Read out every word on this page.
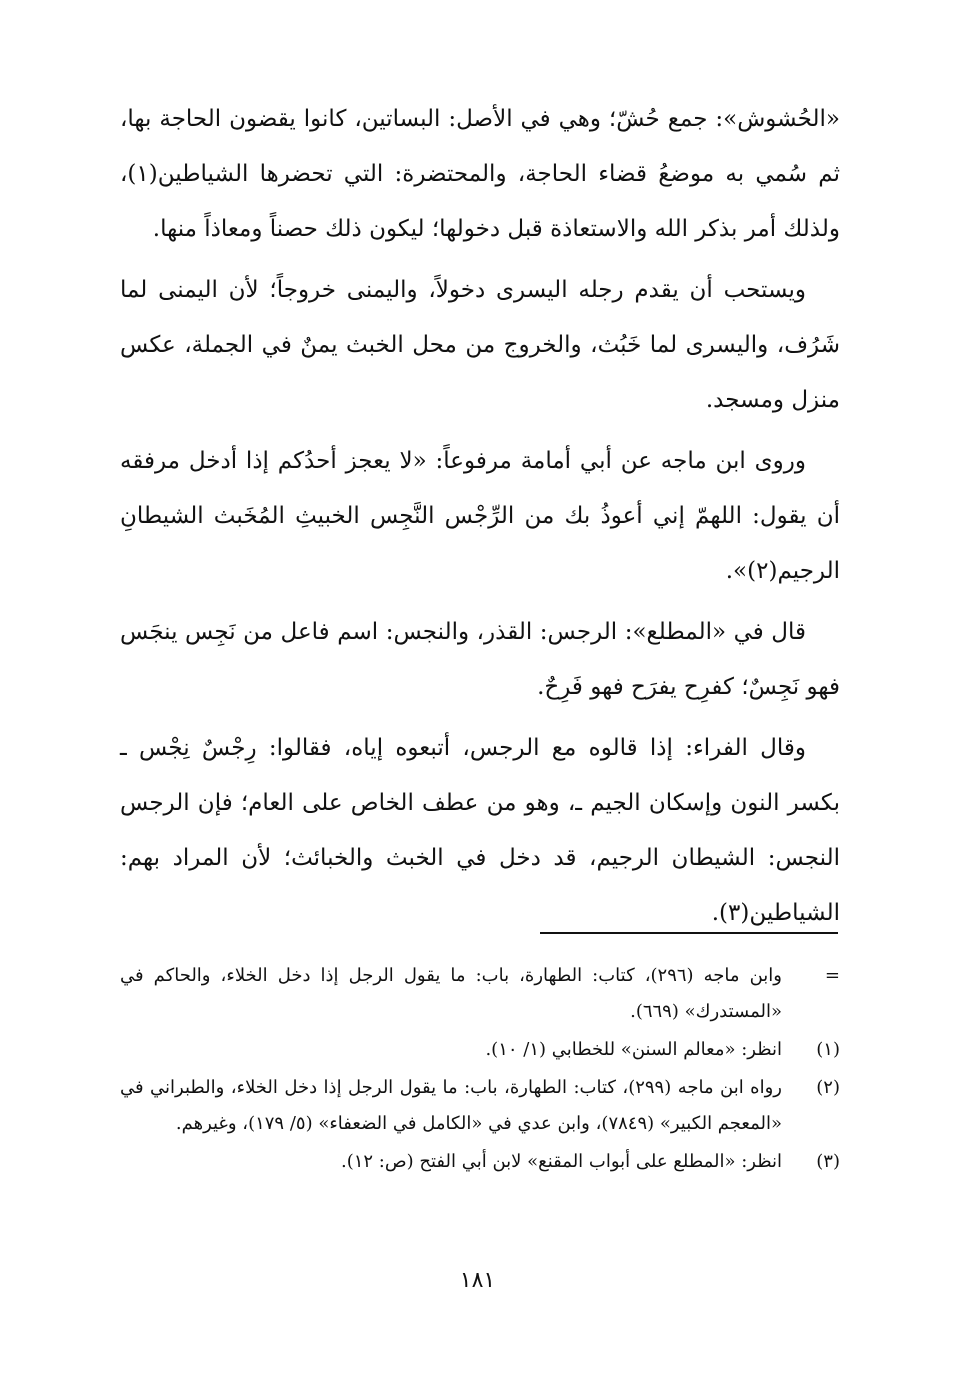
«الحُشوش»: جمع حُشّ؛ وهي في الأصل: البساتين، كانوا يقضون الحاجة بها، ثم سُمي به موضعُ قضاء الحاجة، والمحتضرة: التي تحضرها الشياطين(١)، ولذلك أمر بذكر الله والاستعاذة قبل دخولها؛ ليكون ذلك حصناً ومعاذاً منها.

ويستحب أن يقدم رجله اليسرى دخولاً، واليمنى خروجاً؛ لأن اليمنى لما شَرُف، واليسرى لما خَبُث، والخروج من محل الخبث يمنٌ في الجملة، عكس منزل ومسجد.

وروى ابن ماجه عن أبي أمامة مرفوعاً: «لا يعجز أحدُكم إذا أدخل مرفقه أن يقول: اللهمّ إني أعوذُ بك من الرِّجْس النَّجِس الخبيثِ المُخَبث الشيطانِ الرجيم(٢)».

قال في «المطلع»: الرجس: القذر، والنجس: اسم فاعل من نَجِس ينجَس فهو نَجِسٌ؛ كفرِح يفرَح فهو فَرِحٌ.

وقال الفراء: إذا قالوه مع الرجس، أتبعوه إياه، فقالوا: رِجْسٌ نِجْس ـ بكسر النون وإسكان الجيم ـ، وهو من عطف الخاص على العام؛ فإن الرجس النجس: الشيطان الرجيم، قد دخل في الخبث والخبائث؛ لأن المراد بهم: الشياطين(٣).

=
وابن ماجه (٢٩٦)، كتاب: الطهارة، باب: ما يقول الرجل إذا دخل الخلاء، والحاكم في «المستدرك» (٦٦٩).
(١)
انظر: «معالم السنن» للخطابي (١/ ١٠).
(٢)
رواه ابن ماجه (٢٩٩)، كتاب: الطهارة، باب: ما يقول الرجل إذا دخل الخلاء، والطبراني في «المعجم الكبير» (٧٨٤٩)، وابن عدي في «الكامل في الضعفاء» (٥/ ١٧٩)، وغيرهم.
(٣)
انظر: «المطلع على أبواب المقنع» لابن أبي الفتح (ص: ١٢).
١٨١
